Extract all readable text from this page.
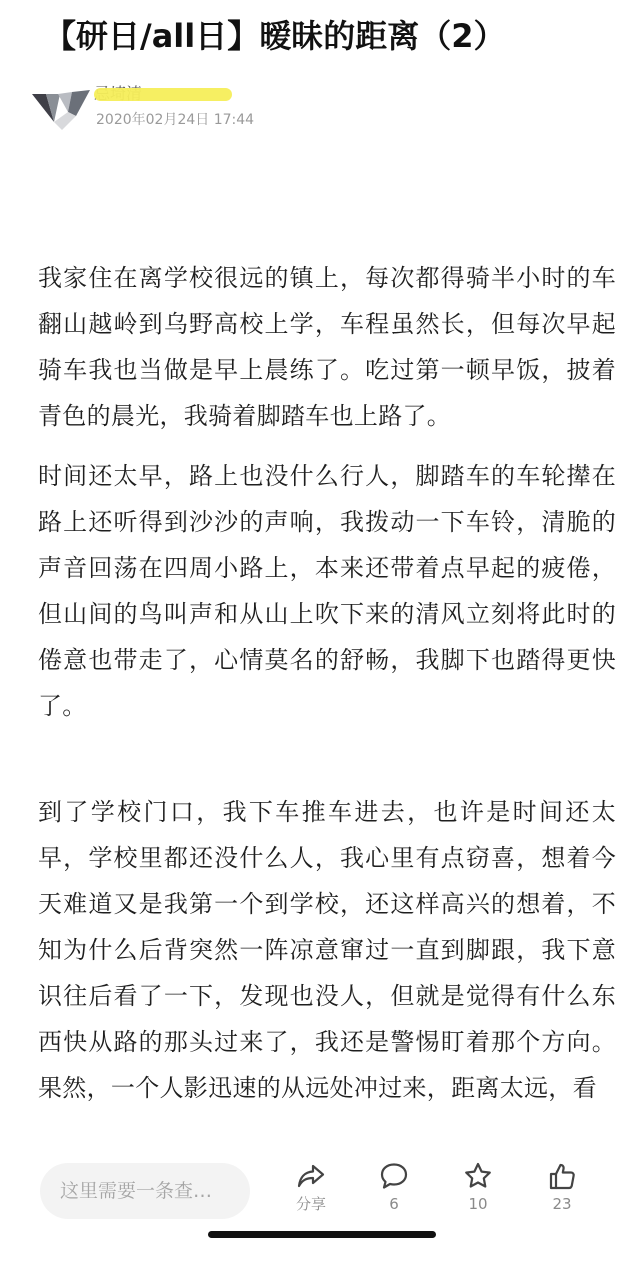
【研日/all日】暧昧的距离（2）
2020年02月24日 17:44

我家住在离学校很远的镇上，每次都得骑半小时的车翻山越岭到乌野高校上学，车程虽然长，但每次早起骑车我也当做是早上晨练了。吃过第一顿早饭，披着青色的晨光，我骑着脚踏车也上路了。

时间还太早，路上也没什么行人，脚踏车的车轮撵在路上还听得到沙沙的声响，我拨动一下车铃，清脆的声音回荡在四周小路上，本来还带着点早起的疲倦，但山间的鸟叫声和从山上吹下来的清风立刻将此时的倦意也带走了，心情莫名的舒畅，我脚下也踏得更快了。

到了学校门口，我下车推车进去，也许是时间还太早，学校里都还没什么人，我心里有点窃喜，想着今天难道又是我第一个到学校，还这样高兴的想着，不知为什么后背突然一阵凉意窜过一直到脚跟，我下意识往后看了一下，发现也没人，但就是觉得有什么东西快从路的那头过来了，我还是警惕盯着那个方向。果然，一个人影迅速的从远处冲过来，距离太远，看

这里需要一条查…
分享	6	10	23
